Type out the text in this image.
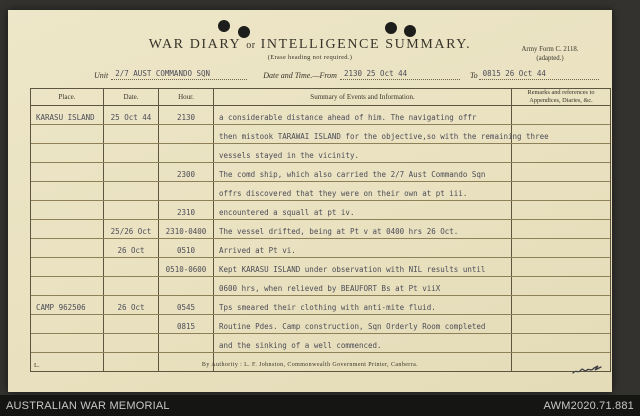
WAR DIARY or INTELLIGENCE SUMMARY.
(Erase heading not required.)
Army Form C. 2118.
(adapted.)
Unit 2/7 AUST COMMANDO SQN	Date and Time.—From 2130 25 Oct 44	To 0815 26 Oct 44
Place.	Date.	Hour.	Summary of Events and Information.
Remarks and references to Appendices, Diaries, &c.
KARASU ISLAND	25 Oct 44	2130	a considerable distance ahead of him. The navigating offr
then mistook TARAWAI ISLAND for the objective,so with the remaining three
vessels stayed in the vicinity.
2300	The comd ship, which also carried the 2/7 Aust Commando Sqn
offrs discovered that they were on their own at pt iii.
2310	encountered a squall at pt iv.
25/26 Oct	2310-0400	The vessel drifted, being at Pt v at 0400 hrs 26 Oct.
26 Oct	0510	Arrived at Pt vi.
0510-0600	Kept KARASU ISLAND under observation with NIL results until
0600 hrs, when relieved by BEAUFORT Bs at Pt viiX
CAMP 962506	26 Oct	0545	Tps smeared their clothing with anti-mite fluid.
0815	Routine Pdes. Camp construction, Sqn Orderly Room completed
and the sinking of a well commenced.
L.	By Authority : L. F. Johnston, Commonwealth Government Printer, Canberra.
AUSTRALIAN WAR MEMORIAL	AWM2020.71.881
